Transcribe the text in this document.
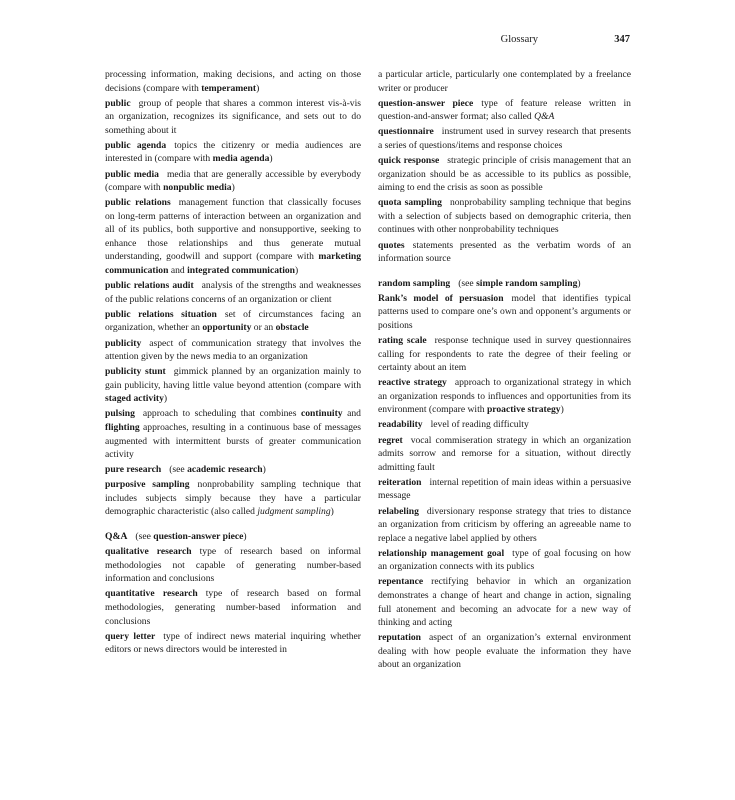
Glossary	347
processing information, making decisions, and acting on those decisions (compare with temperament)
public group of people that shares a common interest vis-à-vis an organization, recognizes its significance, and sets out to do something about it
public agenda topics the citizenry or media audiences are interested in (compare with media agenda)
public media media that are generally accessible by everybody (compare with nonpublic media)
public relations management function that classically focuses on long-term patterns of interaction between an organization and all of its publics, both supportive and nonsupportive, seeking to enhance those relationships and thus generate mutual understanding, goodwill and support (compare with marketing communication and integrated communication)
public relations audit analysis of the strengths and weaknesses of the public relations concerns of an organization or client
public relations situation set of circumstances facing an organization, whether an opportunity or an obstacle
publicity aspect of communication strategy that involves the attention given by the news media to an organization
publicity stunt gimmick planned by an organization mainly to gain publicity, having little value beyond attention (compare with staged activity)
pulsing approach to scheduling that combines continuity and flighting approaches, resulting in a continuous base of messages augmented with intermittent bursts of greater communication activity
pure research (see academic research)
purposive sampling nonprobability sampling technique that includes subjects simply because they have a particular demographic characteristic (also called judgment sampling)
Q&A (see question-answer piece)
qualitative research type of research based on informal methodologies not capable of generating number-based information and conclusions
quantitative research type of research based on formal methodologies, generating number-based information and conclusions
query letter type of indirect news material inquiring whether editors or news directors would be interested in
a particular article, particularly one contemplated by a freelance writer or producer
question-answer piece type of feature release written in question-and-answer format; also called Q&A
questionnaire instrument used in survey research that presents a series of questions/items and response choices
quick response strategic principle of crisis management that an organization should be as accessible to its publics as possible, aiming to end the crisis as soon as possible
quota sampling nonprobability sampling technique that begins with a selection of subjects based on demographic criteria, then continues with other nonprobability techniques
quotes statements presented as the verbatim words of an information source
random sampling (see simple random sampling)
Rank’s model of persuasion model that identifies typical patterns used to compare one’s own and opponent’s arguments or positions
rating scale response technique used in survey questionnaires calling for respondents to rate the degree of their feeling or certainty about an item
reactive strategy approach to organizational strategy in which an organization responds to influences and opportunities from its environment (compare with proactive strategy)
readability level of reading difficulty
regret vocal commiseration strategy in which an organization admits sorrow and remorse for a situation, without directly admitting fault
reiteration internal repetition of main ideas within a persuasive message
relabeling diversionary response strategy that tries to distance an organization from criticism by offering an agreeable name to replace a negative label applied by others
relationship management goal type of goal focusing on how an organization connects with its publics
repentance rectifying behavior in which an organization demonstrates a change of heart and change in action, signaling full atonement and becoming an advocate for a new way of thinking and acting
reputation aspect of an organization’s external environment dealing with how people evaluate the information they have about an organization
